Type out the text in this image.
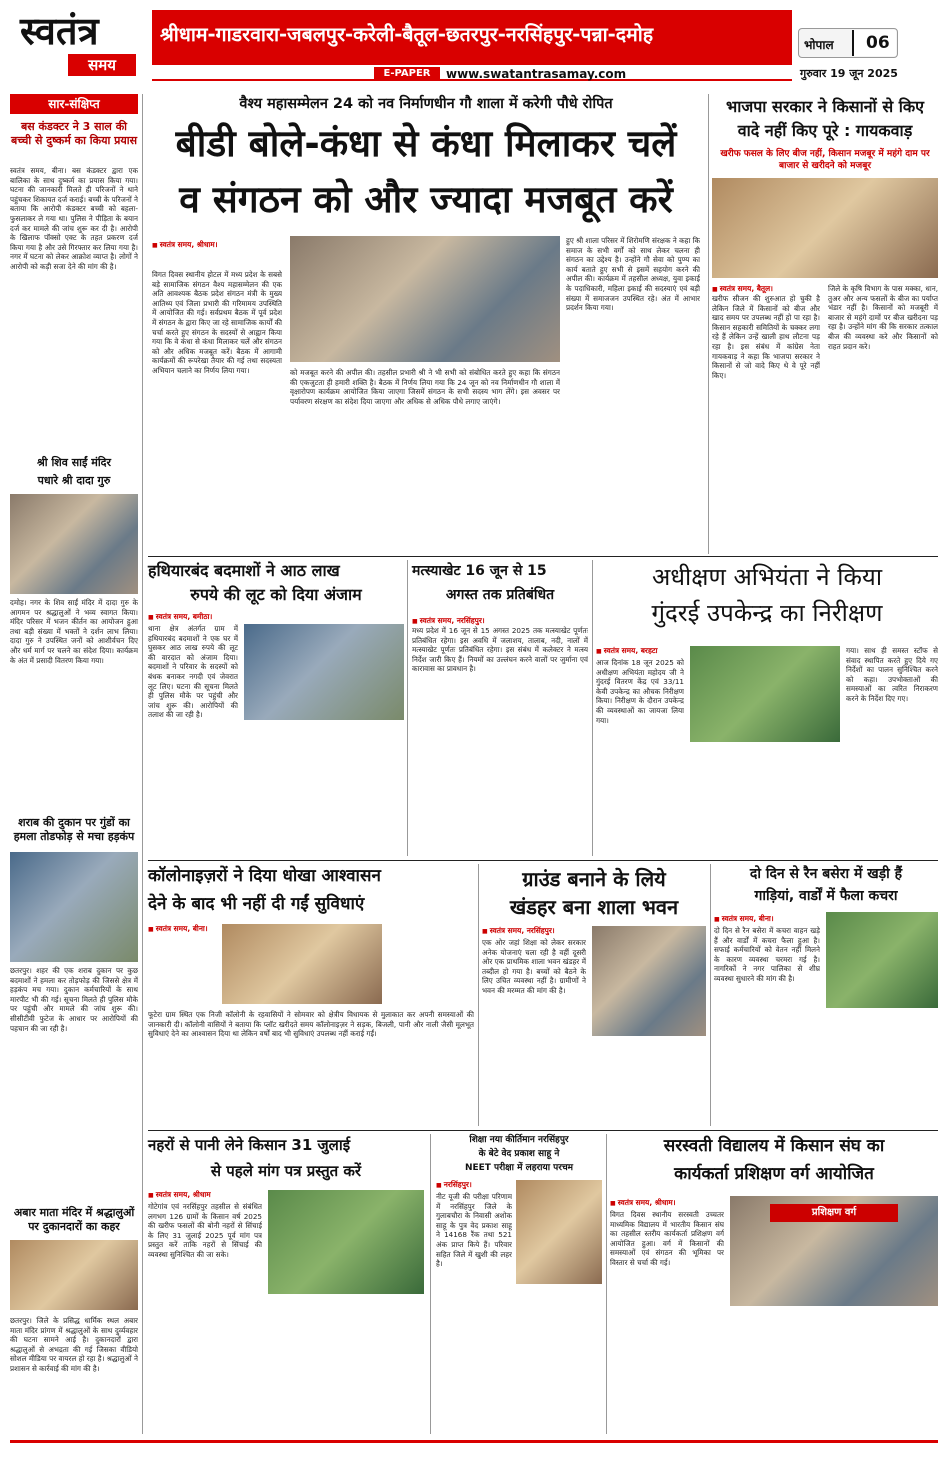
स्वतंत्र
समय
श्रीधाम-गाडरवारा-जबलपुर-करेली-बैतूल-छतरपुर-नरसिंहपुर-पन्ना-दमोह	भोपाल 06
E-PAPER	www.swatantrasamay.com	गुरुवार 19 जून 2025
सार-संक्षिप्त
बस कंडक्टर ने 3 साल की बच्ची से दुष्कर्म का किया प्रयास
स्वतंत्र समय, बीना। बस कंडक्टर द्वारा एक बालिका के साथ दुष्कर्म का प्रयास किया गया। घटना की जानकारी मिलते ही परिजनों ने थाने पहुंचकर शिकायत दर्ज कराई। बच्ची के परिजनों ने बताया कि आरोपी कंडक्टर बच्ची को बहला-फुसलाकर ले गया था। पुलिस ने पीड़िता के बयान दर्ज कर मामले की जांच शुरू कर दी है। आरोपी के खिलाफ पॉक्सो एक्ट के तहत प्रकरण दर्ज किया गया है और उसे गिरफ्तार कर लिया गया है। नगर में घटना को लेकर आक्रोश व्याप्त है। लोगों ने आरोपी को कड़ी सजा देने की मांग की है।
श्री शिव साईं मंदिर
पधारे श्री दादा गुरु
दमोह। नगर के शिव साईं मंदिर में दादा गुरु के आगमन पर श्रद्धालुओं ने भव्य स्वागत किया। मंदिर परिसर में भजन कीर्तन का आयोजन हुआ तथा बड़ी संख्या में भक्तों ने दर्शन लाभ लिया। दादा गुरु ने उपस्थित जनों को आशीर्वचन दिए और धर्म मार्ग पर चलने का संदेश दिया। कार्यक्रम के अंत में प्रसादी वितरण किया गया।
शराब की दुकान पर गुंडों का हमला तोडफोड़ से मचा हड़कंप
छतरपुर। शहर की एक शराब दुकान पर कुछ बदमाशों ने हमला कर तोड़फोड़ की जिससे क्षेत्र में हड़कंप मच गया। दुकान कर्मचारियों के साथ मारपीट भी की गई। सूचना मिलते ही पुलिस मौके पर पहुंची और मामले की जांच शुरू की। सीसीटीवी फुटेज के आधार पर आरोपियों की पहचान की जा रही है।
अबार माता मंदिर में श्रद्धालुओं पर दुकानदारों का कहर
छतरपुर। जिले के प्रसिद्ध धार्मिक स्थल अबार माता मंदिर प्रांगण में श्रद्धालुओं के साथ दुर्व्यवहार की घटना सामने आई है। दुकानदारों द्वारा श्रद्धालुओं से अभद्रता की गई जिसका वीडियो सोशल मीडिया पर वायरल हो रहा है। श्रद्धालुओं ने प्रशासन से कार्रवाई की मांग की है।
वैश्य महासम्मेलन 24 को नव निर्माणधीन गौ शाला में करेगी पौधे रोपित
बीडी बोले-कंधा से कंधा मिलाकर चलें
व संगठन को और ज्यादा मजबूत करें
■ स्वतंत्र समय, श्रीधाम।
विगत दिवस स्थानीय होटल में मध्य प्रदेश के सबसे बड़े सामाजिक संगठन वैश्य महासम्मेलन की एक अति आवश्यक बैठक प्रदेश संगठन मंत्री के मुख्य आतिथ्य एवं जिला प्रभारी की गरिमामय उपस्थिति में आयोजित की गई। सर्वप्रथम बैठक में पूर्व प्रदेश में संगठन के द्वारा किए जा रहे सामाजिक कार्यों की चर्चा करते हुए संगठन के सदस्यों से आह्वान किया गया कि वे कंधा से कंधा मिलाकर चलें और संगठन को और अधिक मजबूत करें। बैठक में आगामी कार्यक्रमों की रूपरेखा तैयार की गई तथा सदस्यता अभियान चलाने का निर्णय लिया गया।	को मजबूत करने की अपील की। तहसील प्रभारी श्री ने भी सभी को संबोधित करते हुए कहा कि संगठन की एकजुटता ही हमारी शक्ति है। बैठक में निर्णय लिया गया कि 24 जून को नव निर्माणधीन गौ शाला में वृक्षारोपण कार्यक्रम आयोजित किया जाएगा जिसमें संगठन के सभी सदस्य भाग लेंगे। इस अवसर पर पर्यावरण संरक्षण का संदेश दिया जाएगा और अधिक से अधिक पौधे लगाए जाएंगे।
हुए श्री शाला परिसर में शिरोमणि संरक्षक ने कहा कि समाज के सभी वर्गों को साथ लेकर चलना ही संगठन का उद्देश्य है। उन्होंने गौ सेवा को पुण्य का कार्य बताते हुए सभी से इसमें सहयोग करने की अपील की। कार्यक्रम में तहसील अध्यक्ष, युवा इकाई के पदाधिकारी, महिला इकाई की सदस्याएं एवं बड़ी संख्या में समाजजन उपस्थित रहे। अंत में आभार प्रदर्शन किया गया।
भाजपा सरकार ने किसानों से किए
वादे नहीं किए पूरे : गायकवाड़
खरीफ फसल के लिए बीज नहीं, किसान मजबूर में महंगे दाम पर बाजार से खरीदने को मजबूर
■ स्वतंत्र समय, बैतूल।
खरीफ सीजन की शुरुआत हो चुकी है लेकिन जिले में किसानों को बीज और खाद समय पर उपलब्ध नहीं हो पा रहा है। किसान सहकारी समितियों के चक्कर लगा रहे हैं लेकिन उन्हें खाली हाथ लौटना पड़ रहा है। इस संबंध में कांग्रेस नेता गायकवाड़ ने कहा कि भाजपा सरकार ने किसानों से जो वादे किए थे वे पूरे नहीं किए।
जिले के कृषि विभाग के पास मक्का, धान, तुअर और अन्य फसलों के बीज का पर्याप्त भंडार नहीं है। किसानों को मजबूरी में बाजार से महंगे दामों पर बीज खरीदना पड़ रहा है। उन्होंने मांग की कि सरकार तत्काल बीज की व्यवस्था करे और किसानों को राहत प्रदान करे।
हथियारबंद बदमाशों ने आठ लाख
रुपये की लूट को दिया अंजाम
■ स्वतंत्र समय, बमीठा।
थाना क्षेत्र अंतर्गत ग्राम में हथियारबंद बदमाशों ने एक घर में घुसकर आठ लाख रुपये की लूट की वारदात को अंजाम दिया। बदमाशों ने परिवार के सदस्यों को बंधक बनाकर नगदी एवं जेवरात लूट लिए। घटना की सूचना मिलते ही पुलिस मौके पर पहुंची और जांच शुरू की। आरोपियों की तलाश की जा रही है।
मत्स्याखेट 16 जून से 15
अगस्त तक प्रतिबंधित
■ स्वतंत्र समय, नरसिंहपुर।
मध्य प्रदेश में 16 जून से 15 अगस्त 2025 तक मत्स्याखेट पूर्णतः प्रतिबंधित रहेगा। इस अवधि में जलाशय, तालाब, नदी, नालों में मत्स्याखेट पूर्णतः प्रतिबंधित रहेगा। इस संबंध में कलेक्टर ने मत्स्य निर्देश जारी किए हैं। नियमों का उल्लंघन करने वालों पर जुर्माना एवं कारावास का प्रावधान है।
अधीक्षण अभियंता ने किया
गुंदरई उपकेन्द्र का निरीक्षण
■ स्वतंत्र समय, बरहटा
आज दिनांक 18 जून 2025 को अधीक्षण अभियंता महोदय जी ने गुंदरई वितरण केंद्र एवं 33/11 केवी उपकेन्द्र का औचक निरीक्षण किया। निरीक्षण के दौरान उपकेन्द्र की व्यवस्थाओं का जायजा लिया गया।
गया। साथ ही समस्त स्टॉफ से संवाद स्थापित करते हुए दिये गए निर्देशों का पालन सुनिश्चित करने को कहा। उपभोक्ताओं की समस्याओं का त्वरित निराकरण करने के निर्देश दिए गए।
कॉलोनाइज़रों ने दिया धोखा आश्वासन
देने के बाद भी नहीं दी गईं सुविधाएं
■ स्वतंत्र समय, बीना।
फूटेरा ग्राम स्थित एक निजी कॉलोनी के रहवासियों ने सोमवार को क्षेत्रीय विधायक से मुलाकात कर अपनी समस्याओं की जानकारी दी। कॉलोनी वासियों ने बताया कि प्लॉट खरीदते समय कॉलोनाइज़र ने सड़क, बिजली, पानी और नाली जैसी मूलभूत सुविधाएं देने का आश्वासन दिया था लेकिन वर्षों बाद भी सुविधाएं उपलब्ध नहीं कराई गईं।
ग्राउंड बनाने के लिये
खंडहर बना शाला भवन
■ स्वतंत्र समय, नरसिंहपुर।
एक ओर जहां शिक्षा को लेकर सरकार अनेक योजनाएं चला रही है वहीं दूसरी ओर एक प्राथमिक शाला भवन खंडहर में तब्दील हो गया है। बच्चों को बैठने के लिए उचित व्यवस्था नहीं है। ग्रामीणों ने भवन की मरम्मत की मांग की है।
दो दिन से रैन बसेरा में खड़ी हैं
गाड़ियां, वार्डों में फैला कचरा
■ स्वतंत्र समय, बीना।
दो दिन से रैन बसेरा में कचरा वाहन खड़े हैं और वार्डों में कचरा फैला हुआ है। सफाई कर्मचारियों को वेतन नहीं मिलने के कारण व्यवस्था चरमरा गई है। नागरिकों ने नगर पालिका से शीघ्र व्यवस्था सुधारने की मांग की है।
नहरों से पानी लेने किसान 31 जुलाई
से पहले मांग पत्र प्रस्तुत करें
■ स्वतंत्र समय, श्रीधाम
गोटेगांव एवं नरसिंहपुर तहसील से संबंधित लगभग 126 ग्रामों के किसान वर्ष 2025 की खरीफ फसलों की बोनी नहरों से सिंचाई के लिए 31 जुलाई 2025 पूर्व मांग पत्र प्रस्तुत करें ताकि नहरों से सिंचाई की व्यवस्था सुनिश्चित की जा सके।
शिक्षा नया कीर्तिमान नरसिंहपुर
के बेटे वेद प्रकाश साहू ने
NEET परीक्षा में लहराया परचम
■ नरसिंहपुर।
नीट यूजी की परीक्षा परिणाम में नरसिंहपुर जिले के गुलाबचौरा के निवासी अशोक साहू के पुत्र वेद प्रकाश साहू ने 14168 रैंक तथा 521 अंक प्राप्त किये हैं। परिवार सहित जिले में खुशी की लहर है।
सरस्वती विद्यालय में किसान संघ का
कार्यकर्ता प्रशिक्षण वर्ग आयोजित
■ स्वतंत्र समय, श्रीधाम।
विगत दिवस स्थानीय सरस्वती उच्चतर माध्यमिक विद्यालय में भारतीय किसान संघ का तहसील स्तरीय कार्यकर्ता प्रशिक्षण वर्ग आयोजित हुआ। वर्ग में किसानों की समस्याओं एवं संगठन की भूमिका पर विस्तार से चर्चा की गई।
प्रशिक्षण वर्ग
